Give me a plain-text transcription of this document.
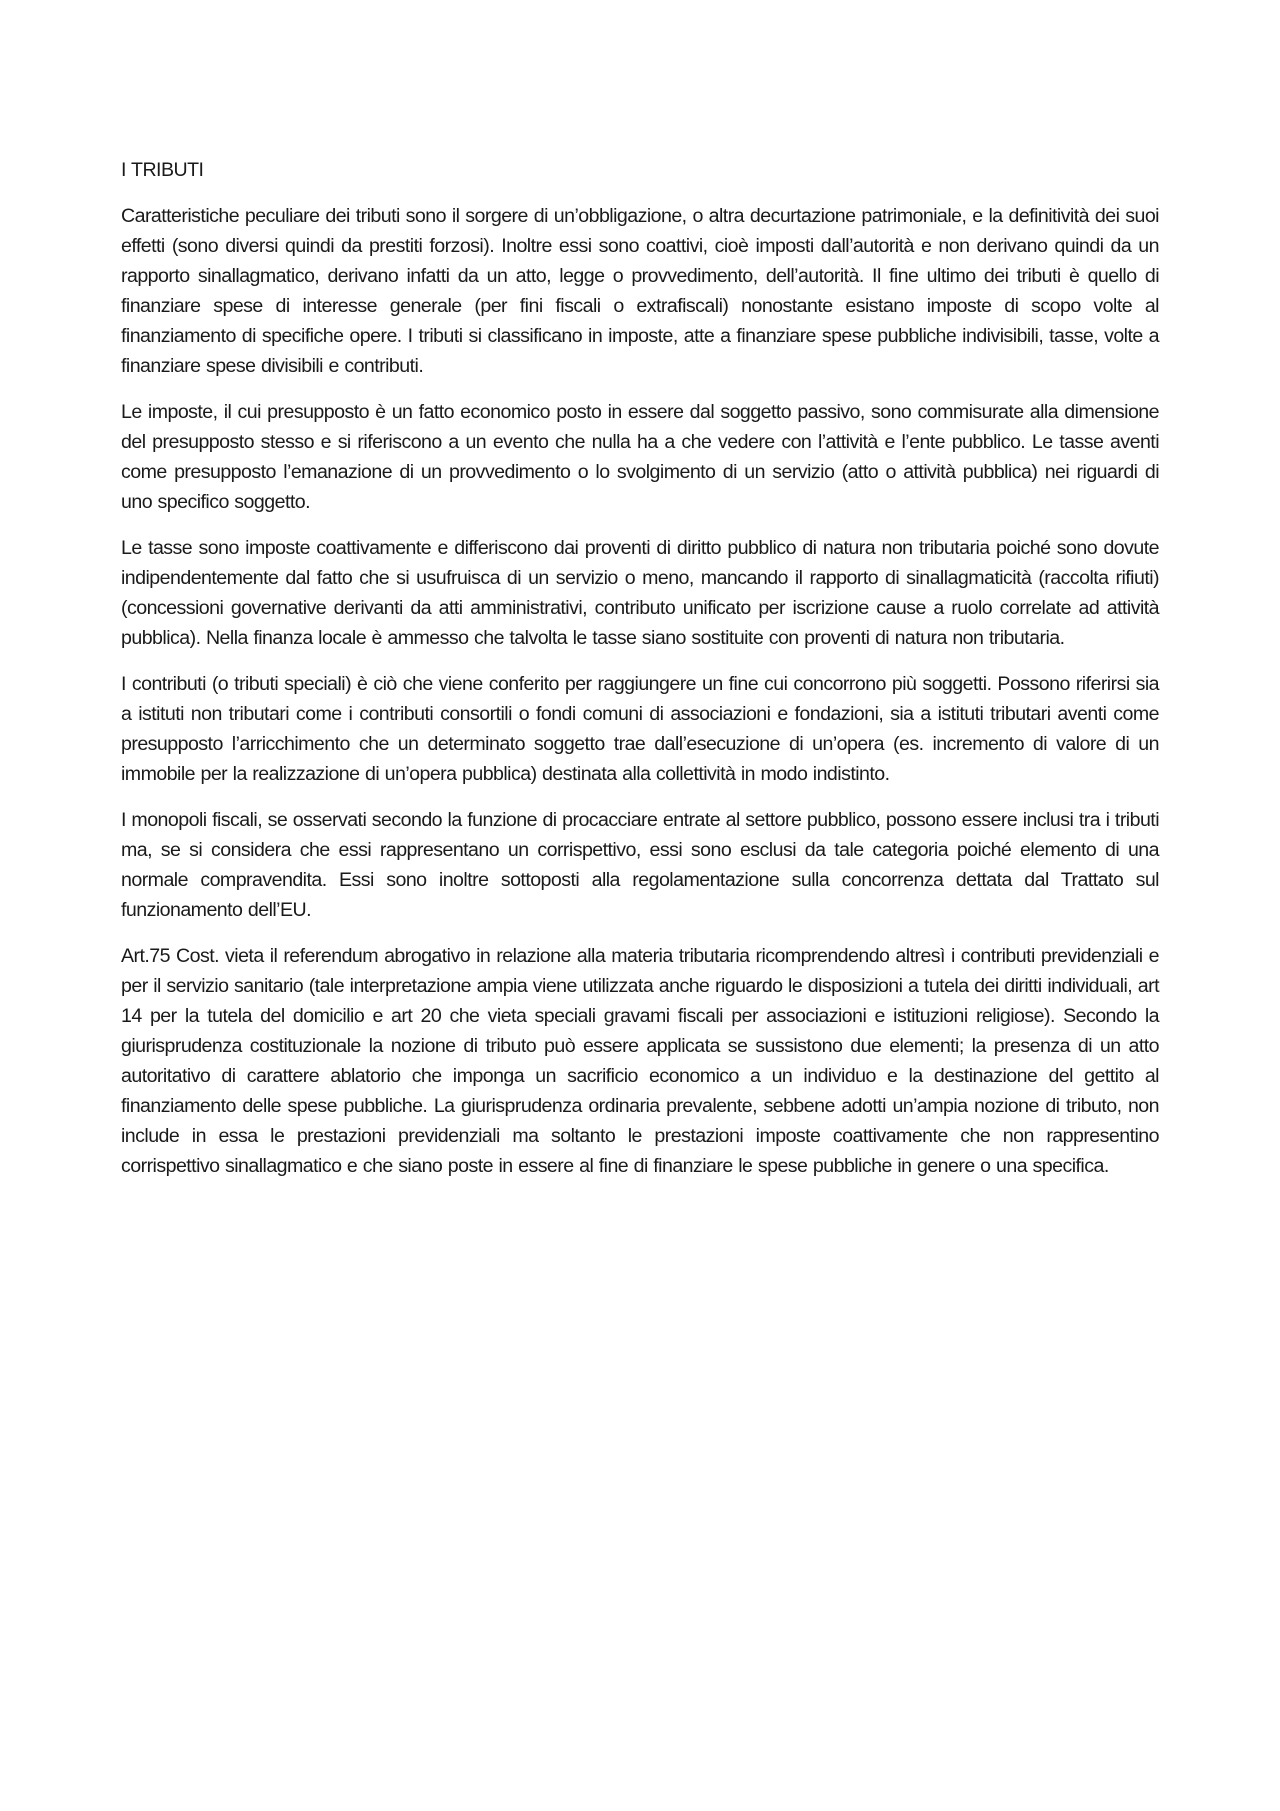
I TRIBUTI

Caratteristiche peculiare dei tributi sono il sorgere di un’obbligazione, o altra decurtazione patrimoniale, e la definitività dei suoi effetti (sono diversi quindi da prestiti forzosi). Inoltre essi sono coattivi, cioè imposti dall’autorità e non derivano quindi da un rapporto sinallagmatico, derivano infatti da un atto, legge o provvedimento, dell’autorità. Il fine ultimo dei tributi è quello di finanziare spese di interesse generale (per fini fiscali o extrafiscali) nonostante esistano imposte di scopo volte al finanziamento di specifiche opere. I tributi si classificano in imposte, atte a finanziare spese pubbliche indivisibili, tasse, volte a finanziare spese divisibili e contributi.

Le imposte, il cui presupposto è un fatto economico posto in essere dal soggetto passivo, sono commisurate alla dimensione del presupposto stesso e si riferiscono a un evento che nulla ha a che vedere con l’attività e l’ente pubblico. Le tasse aventi come presupposto l’emanazione di un provvedimento o lo svolgimento di un servizio (atto o attività pubblica) nei riguardi di uno specifico soggetto.

Le tasse sono imposte coattivamente e differiscono dai proventi di diritto pubblico di natura non tributaria poiché sono dovute indipendentemente dal fatto che si usufruisca di un servizio o meno, mancando il rapporto di sinallagmaticità (raccolta rifiuti) (concessioni governative derivanti da atti amministrativi, contributo unificato per iscrizione cause a ruolo correlate ad attività pubblica). Nella finanza locale è ammesso che talvolta le tasse siano sostituite con proventi di natura non tributaria.

I contributi (o tributi speciali) è ciò che viene conferito per raggiungere un fine cui concorrono più soggetti. Possono riferirsi sia a istituti non tributari come i contributi consortili o fondi comuni di associazioni e fondazioni, sia a istituti tributari aventi come presupposto l’arricchimento che un determinato soggetto trae dall’esecuzione di un’opera (es. incremento di valore di un immobile per la realizzazione di un’opera pubblica) destinata alla collettività in modo indistinto.

I monopoli fiscali, se osservati secondo la funzione di procacciare entrate al settore pubblico, possono essere inclusi tra i tributi ma, se si considera che essi rappresentano un corrispettivo, essi sono esclusi da tale categoria poiché elemento di una normale compravendita. Essi sono inoltre sottoposti alla regolamentazione sulla concorrenza dettata dal Trattato sul funzionamento dell’EU.

Art.75 Cost. vieta il referendum abrogativo in relazione alla materia tributaria ricomprendendo altresì i contributi previdenziali e per il servizio sanitario (tale interpretazione ampia viene utilizzata anche riguardo le disposizioni a tutela dei diritti individuali, art 14 per la tutela del domicilio e art 20 che vieta speciali gravami fiscali per associazioni e istituzioni religiose). Secondo la giurisprudenza costituzionale la nozione di tributo può essere applicata se sussistono due elementi; la presenza di un atto autoritativo di carattere ablatorio che imponga un sacrificio economico a un individuo e la destinazione del gettito al finanziamento delle spese pubbliche. La giurisprudenza ordinaria prevalente, sebbene adotti un’ampia nozione di tributo, non include in essa le prestazioni previdenziali ma soltanto le prestazioni imposte coattivamente che non rappresentino corrispettivo sinallagmatico e che siano poste in essere al fine di finanziare le spese pubbliche in genere o una specifica.
